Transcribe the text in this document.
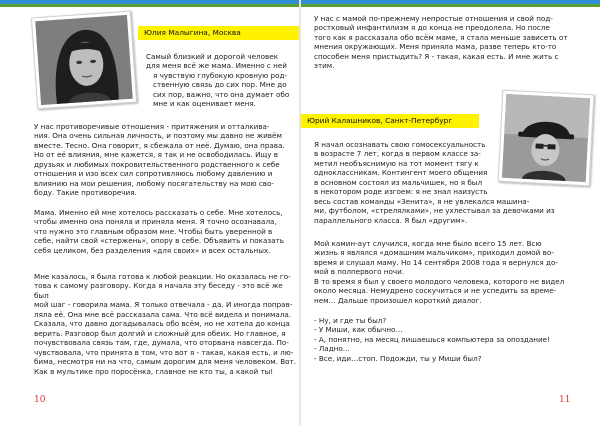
Юлия Малыгина, Москва

Самый близкий и дорогой человек

для меня всё же мама. Именно с ней

я чувствую глубокую кровную род-

ственную связь до сих пор. Мне до

сих пор, важно, что она думает обо

мне и как оценивает меня.

У нас противоречивые отношения - притяжения и отталкива-

ния. Она очень сильная личность, и поэтому мы давно не живём

вместе. Тесно. Она говорит, я сбежала от неё. Думаю, она права.

Но от её влияния, мне кажется, я так и не освободилась. Ищу в

друзьях и любимых покровительственного родственного к себе

отношения и изо всех сил сопротивляюсь любому давлению и

влиянию на мои решения, любому посягательству на мою сво-

боду. Такие противоречия.

Мама. Именно ей мне хотелось рассказать о себе. Мне хотелось,

чтобы именно она поняла и приняла меня. Я точно осознавала,

что нужно это главным образом мне. Чтобы быть уверенной в

себе, найти свой «стержень», опору в себе. Объявить и показать

себя целиком, без разделения «для своих» и всех остальных.

Мне казалось, я была готова к любой реакции. Но оказалась не го-

това к самому разговору. Когда я начала эту беседу - это всё же был

мой шаг - говорила мама. Я только отвечала - да. И иногда поправ-

ляла её. Она мне всё рассказала сама. Что всё видела и понимала.

Сказала, что давно догадывалась обо всём, но не хотела до конца

верить. Разговор был долгий и сложный для обеих. Но главное, я

почувствовала связь там, где, думала, что оторвана навсегда. По-

чувствовала, что принята в том, что вот я - такая, какая есть, и лю-

бима, несмотря ни на что, самым дорогим для меня человеком. Вот.

Как в мультике про поросёнка, главное не кто ты, а какой ты!

10

У нас с мамой по-прежнему непростые отношения и свой под-

ростковый инфантилизм я до конца не преодолела. Но после

того как я рассказала обо всём маме, я стала меньше зависеть от

мнения окружающих. Меня приняла мама, разве теперь кто-то

способен меня пристыдить? Я - такая, какая есть. И мне жить с

этим.

Юрий Калашников, Санкт-Петербург

Я начал осознавать свою гомосексуальность

в возрасте 7 лет, когда в первом классе за-

метил необъяснимую на тот момент тягу к

одноклассникам. Контингент моего общения

в основном состоял из мальчишек, но я был

в некотором роде изгоем: я не знал наизусть

весь состав команды «Зенита», я не увлекался машина-

ми, футболом, «стрелялками», не ухлестывал за девочками из

параллельного класса. Я был «другим».

Мой камин-аут случился, когда мне было всего 15 лет. Всю

жизнь я являлся «домашним мальчиком», приходил домой во-

время и слушал маму. Но 14 сентября 2008 года я вернулся до-

мой в полпервого ночи.

В то время я был у своего молодого человека, которого не видел

около месяца. Немудрено соскучиться и не успедить за време-

нем… Дальше произошел короткий диалог.

- Ну, и где ты был?

- У Миши, как обычно…

- А, понятно, на месяц лишаешься компьютера за опоздание!

- Ладно…

- Все, иди…стоп. Подожди, ты у Миши был?

11
